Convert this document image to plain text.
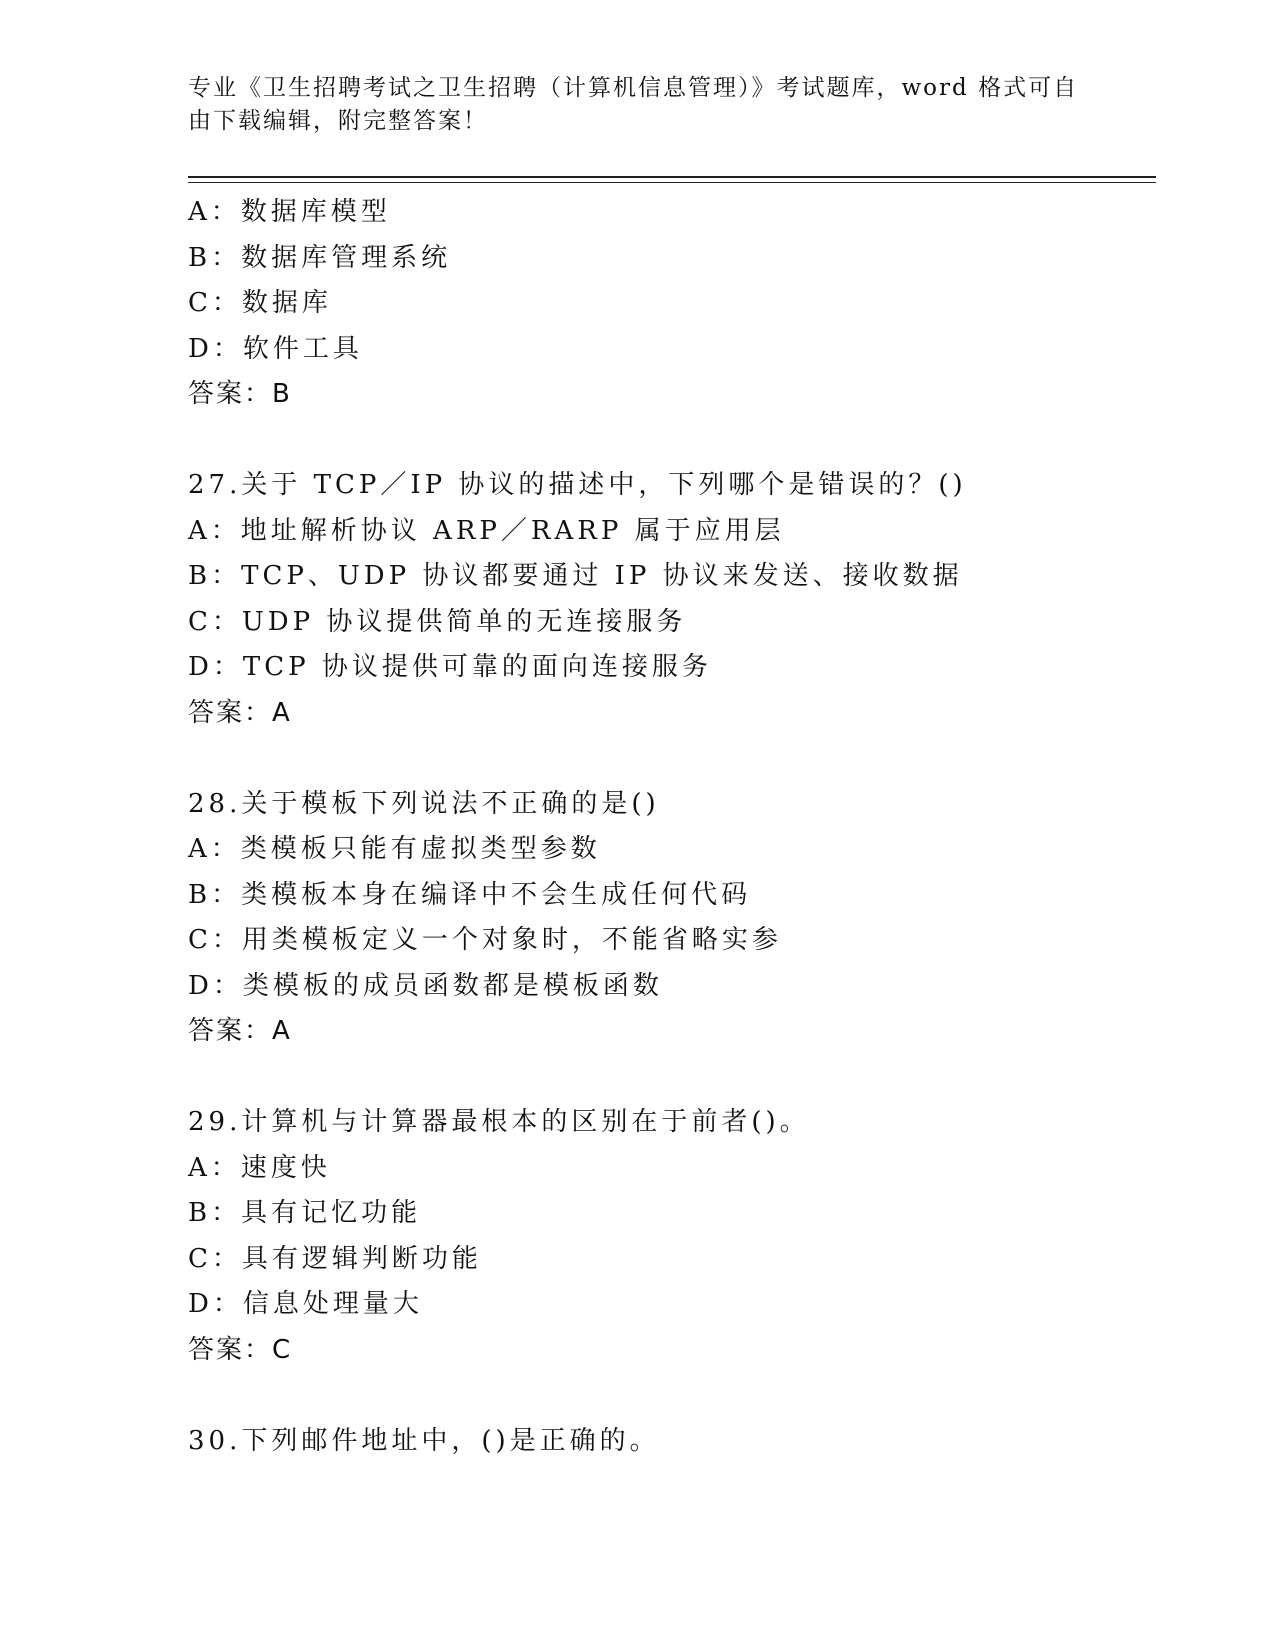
专业《卫生招聘考试之卫生招聘（计算机信息管理）》考试题库，word 格式可自
由下载编辑，附完整答案！
A：数据库模型
B：数据库管理系统
C：数据库
D：软件工具
答案：B
27.关于 TCP／IP 协议的描述中，下列哪个是错误的？()
A：地址解析协议 ARP／RARP 属于应用层
B：TCP、UDP 协议都要通过 IP 协议来发送、接收数据
C：UDP 协议提供简单的无连接服务
D：TCP 协议提供可靠的面向连接服务
答案：A
28.关于模板下列说法不正确的是()
A：类模板只能有虚拟类型参数
B：类模板本身在编译中不会生成任何代码
C：用类模板定义一个对象时，不能省略实参
D：类模板的成员函数都是模板函数
答案：A
29.计算机与计算器最根本的区别在于前者()。
A：速度快
B：具有记忆功能
C：具有逻辑判断功能
D：信息处理量大
答案：C
30.下列邮件地址中，()是正确的。
